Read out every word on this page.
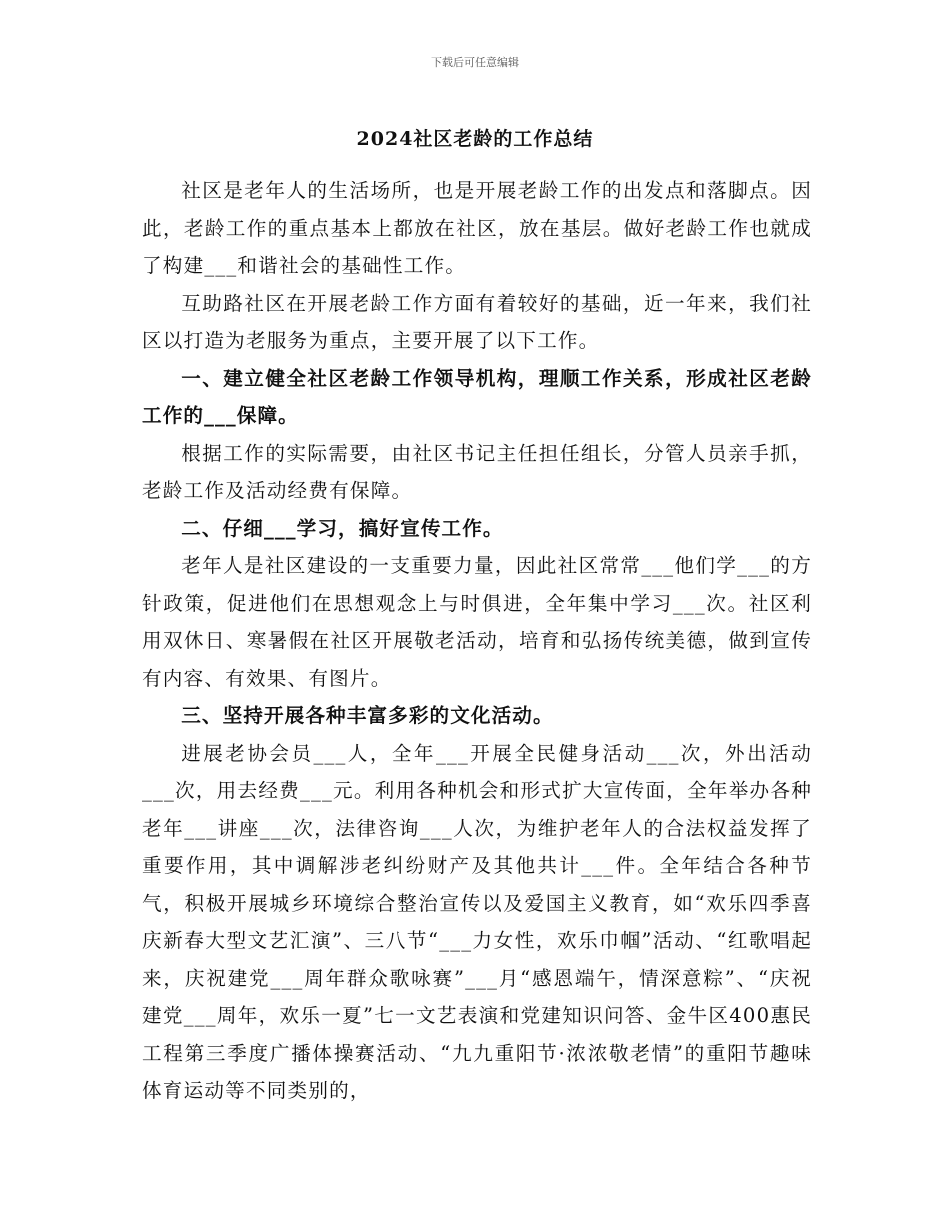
下载后可任意编辑
2024社区老龄的工作总结

社区是老年人的生活场所，也是开展老龄工作的出发点和落脚点。因此，老龄工作的重点基本上都放在社区，放在基层。做好老龄工作也就成了构建___和谐社会的基础性工作。

互助路社区在开展老龄工作方面有着较好的基础，近一年来，我们社区以打造为老服务为重点，主要开展了以下工作。

一、建立健全社区老龄工作领导机构，理顺工作关系，形成社区老龄工作的___保障。

根据工作的实际需要，由社区书记主任担任组长，分管人员亲手抓，老龄工作及活动经费有保障。

二、仔细___学习，搞好宣传工作。

老年人是社区建设的一支重要力量，因此社区常常___他们学___的方针政策，促进他们在思想观念上与时俱进，全年集中学习___次。社区利用双休日、寒暑假在社区开展敬老活动，培育和弘扬传统美德，做到宣传有内容、有效果、有图片。

三、坚持开展各种丰富多彩的文化活动。

进展老协会员___人，全年___开展全民健身活动___次，外出活动___次，用去经费___元。利用各种机会和形式扩大宣传面，全年举办各种老年___讲座___次，法律咨询___人次，为维护老年人的合法权益发挥了重要作用，其中调解涉老纠纷财产及其他共计___件。全年结合各种节气，积极开展城乡环境综合整治宣传以及爱国主义教育，如“欢乐四季喜庆新春大型文艺汇演”、三八节“___力女性，欢乐巾帼”活动、“红歌唱起来，庆祝建党___周年群众歌咏赛”___月“感恩端午，情深意粽”、“庆祝建党___周年，欢乐一夏”七一文艺表演和党建知识问答、金牛区400惠民工程第三季度广播体操赛活动、“九九重阳节·浓浓敬老情”的重阳节趣味体育运动等不同类别的，
